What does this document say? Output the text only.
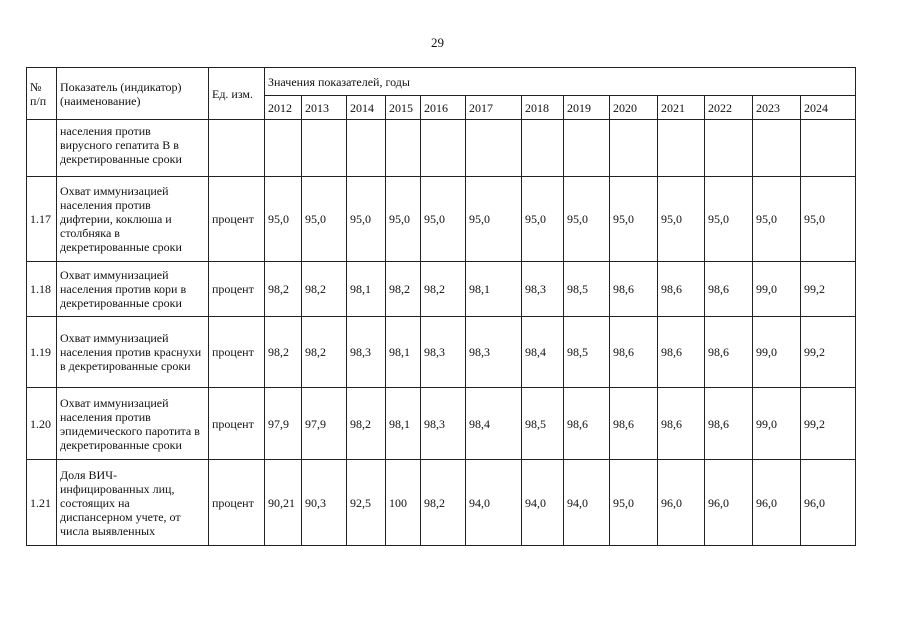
29
№ п/п	Показатель (индикатор) (наименование)	Ед. изм.	Значения показателей, годы												
			2012	2013	2014	2015	2016	2017	2018	2019	2020	2021	2022	2023	2024
	населения против вирусного гепатита В в декретированные сроки														
1.17	Охват иммунизацией населения против дифтерии, коклюша и столбняка в декретированные сроки	процент	95,0	95,0	95,0	95,0	95,0	95,0	95,0	95,0	95,0	95,0	95,0	95,0	95,0
1.18	Охват иммунизацией населения против кори в декретированные сроки	процент	98,2	98,2	98,1	98,2	98,2	98,1	98,3	98,5	98,6	98,6	98,6	99,0	99,2
1.19	Охват иммунизацией населения против краснухи в декретированные сроки	процент	98,2	98,2	98,3	98,1	98,3	98,3	98,4	98,5	98,6	98,6	98,6	99,0	99,2
1.20	Охват иммунизацией населения против эпидемического паротита в декретированные сроки	процент	97,9	97,9	98,2	98,1	98,3	98,4	98,5	98,6	98,6	98,6	98,6	99,0	99,2
1.21	Доля ВИЧ-инфицированных лиц, состоящих на диспансерном учете, от числа выявленных	процент	90,21	90,3	92,5	100	98,2	94,0	94,0	94,0	95,0	96,0	96,0	96,0	96,0
